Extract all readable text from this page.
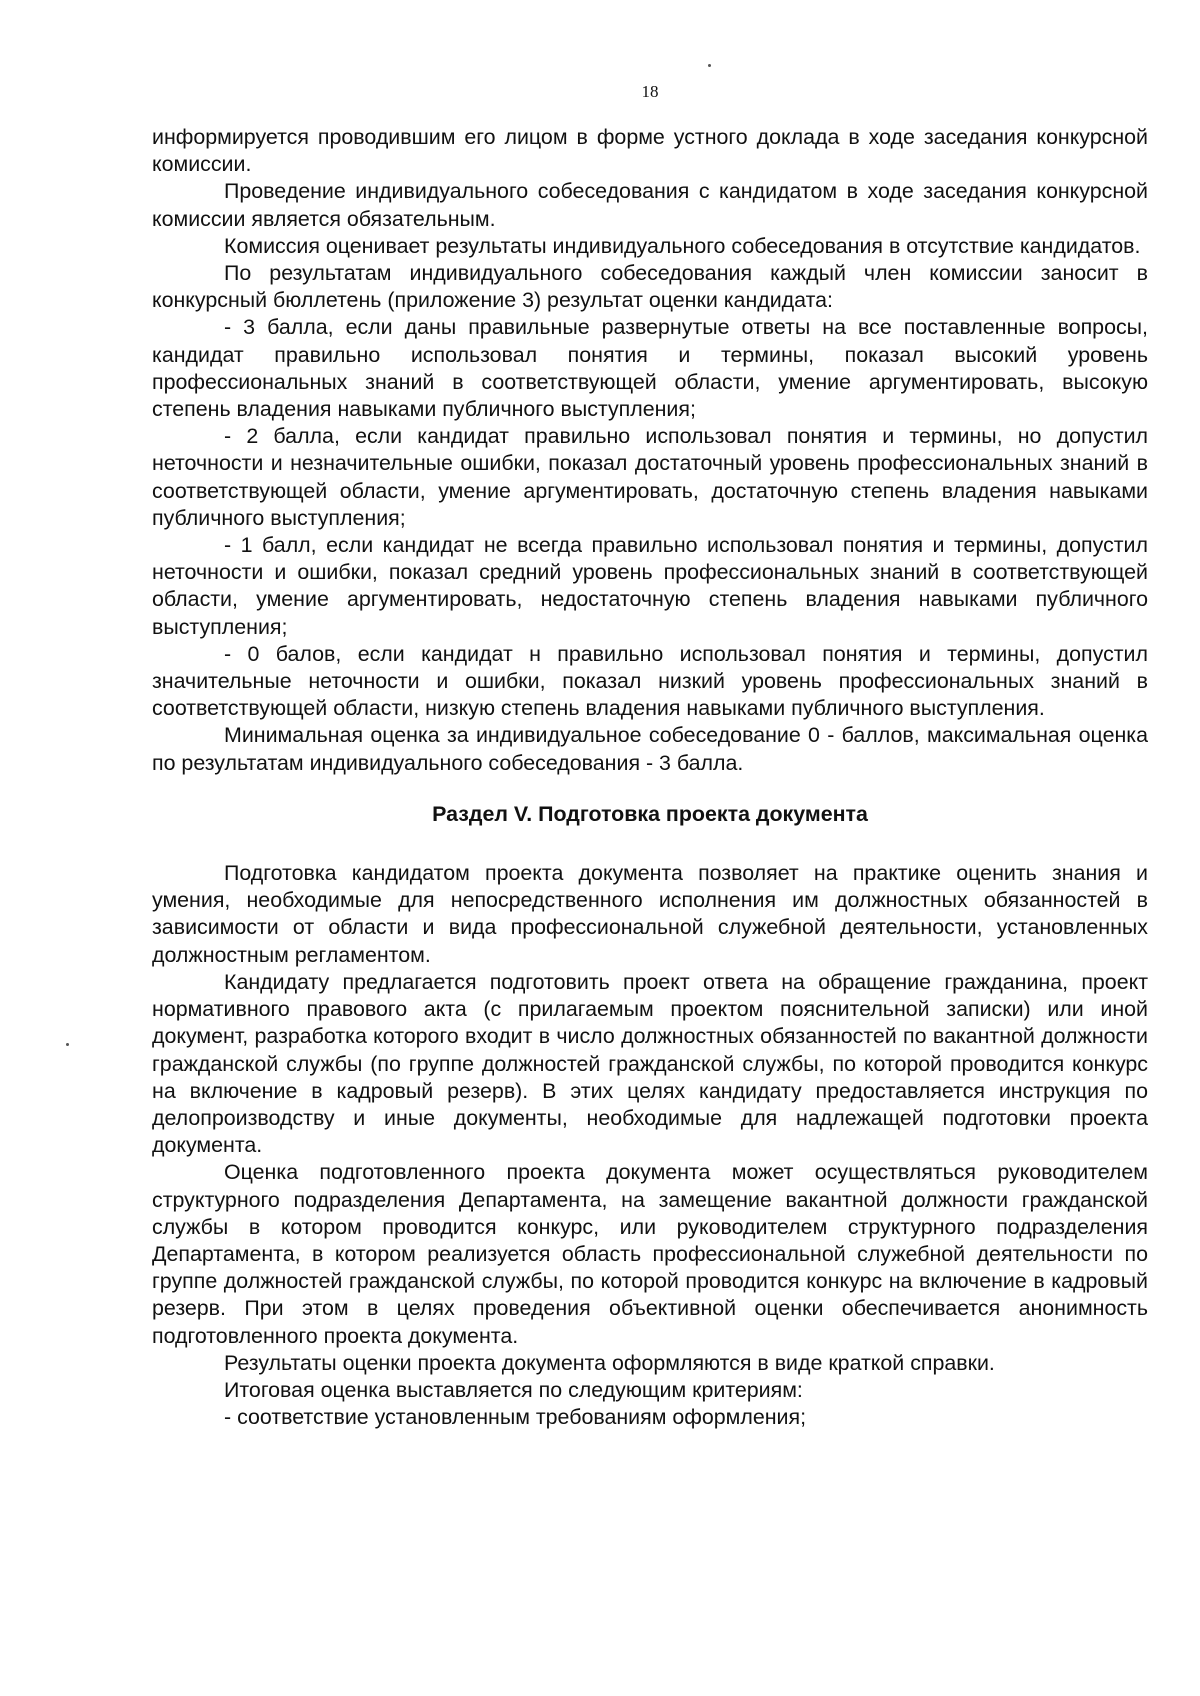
18

информируется проводившим его лицом в форме устного доклада в ходе заседания конкурсной комиссии.

Проведение индивидуального собеседования с кандидатом в ходе заседания конкурсной комиссии является обязательным.

Комиссия оценивает результаты индивидуального собеседования в отсутствие кандидатов.

По результатам индивидуального собеседования каждый член комиссии заносит в конкурсный бюллетень (приложение 3) результат оценки кандидата:

- 3 балла, если даны правильные развернутые ответы на все поставленные вопросы, кандидат правильно использовал понятия и термины, показал высокий уровень профессиональных знаний в соответствующей области, умение аргументировать, высокую степень владения навыками публичного выступления;

- 2 балла, если кандидат правильно использовал понятия и термины, но допустил неточности и незначительные ошибки, показал достаточный уровень профессиональных знаний в соответствующей области, умение аргументировать, достаточную степень владения навыками публичного выступления;

- 1 балл, если кандидат не всегда правильно использовал понятия и термины, допустил неточности и ошибки, показал средний уровень профессиональных знаний в соответствующей области, умение аргументировать, недостаточную степень владения навыками публичного выступления;

- 0 балов, если кандидат н правильно использовал понятия и термины, допустил значительные неточности и ошибки, показал низкий уровень профессиональных знаний в соответствующей области, низкую степень владения навыками публичного выступления.

Минимальная оценка за индивидуальное собеседование 0 - баллов, максимальная оценка по результатам индивидуального собеседования - 3 балла.

Раздел V. Подготовка проекта документа

Подготовка кандидатом проекта документа позволяет на практике оценить знания и умения, необходимые для непосредственного исполнения им должностных обязанностей в зависимости от области и вида профессиональной служебной деятельности, установленных должностным регламентом.

Кандидату предлагается подготовить проект ответа на обращение гражданина, проект нормативного правового акта (с прилагаемым проектом пояснительной записки) или иной документ, разработка которого входит в число должностных обязанностей по вакантной должности гражданской службы (по группе должностей гражданской службы, по которой проводится конкурс на включение в кадровый резерв). В этих целях кандидату предоставляется инструкция по делопроизводству и иные документы, необходимые для надлежащей подготовки проекта документа.

Оценка подготовленного проекта документа может осуществляться руководителем структурного подразделения Департамента, на замещение вакантной должности гражданской службы в котором проводится конкурс, или руководителем структурного подразделения Департамента, в котором реализуется область профессиональной служебной деятельности по группе должностей гражданской службы, по которой проводится конкурс на включение в кадровый резерв. При этом в целях проведения объективной оценки обеспечивается анонимность подготовленного проекта документа.

Результаты оценки проекта документа оформляются в виде краткой справки.

Итоговая оценка выставляется по следующим критериям:

- соответствие установленным требованиям оформления;
